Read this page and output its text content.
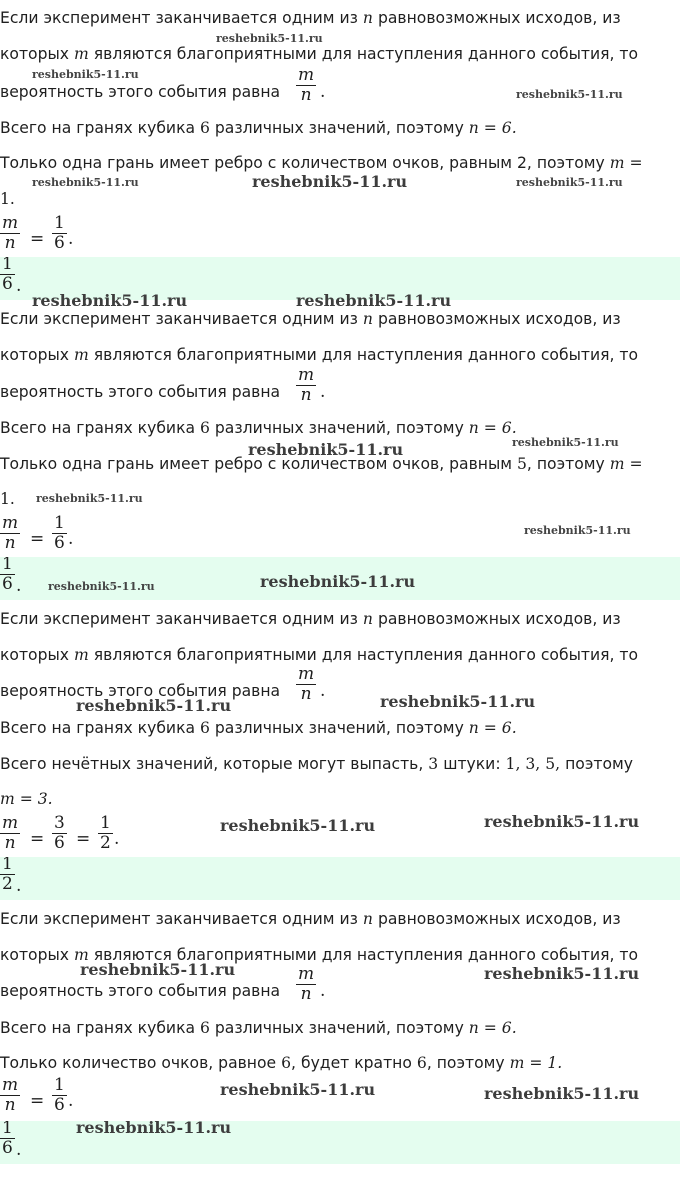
Если эксперимент заканчивается одним из n равновозможных исходов, из
которых m являются благоприятными для наступления данного события, то
вероятность этого события равна
m
n .
Всего на гранях кубика 6 различных значений, поэтому n = 6.
Только одна грань имеет ребро с количеством очков, равным 2, поэтому m =
1.
m
n =
1
6 .
1
6 .
Если эксперимент заканчивается одним из n равновозможных исходов, из
которых m являются благоприятными для наступления данного события, то
вероятность этого события равна
m
n .
Всего на гранях кубика 6 различных значений, поэтому n = 6.
Только одна грань имеет ребро с количеством очков, равным 5, поэтому m =
1.
m
n =
1
6 .
1
6 .
Если эксперимент заканчивается одним из n равновозможных исходов, из
которых m являются благоприятными для наступления данного события, то
вероятность этого события равна
m
n .
Всего на гранях кубика 6 различных значений, поэтому n = 6.
Всего нечётных значений, которые могут выпасть, 3 штуки: 1, 3, 5, поэтому
m = 3.
m
n =
3
6 =
1
2 .
1
2 .
Если эксперимент заканчивается одним из n равновозможных исходов, из
которых m являются благоприятными для наступления данного события, то
вероятность этого события равна
m
n .
Всего на гранях кубика 6 различных значений, поэтому n = 6.
Только количество очков, равное 6, будет кратно 6, поэтому m = 1.
m
n =
1
6 .
1
6 .
reshebnik5-11.ru
reshebnik5-11.ru
reshebnik5-11.ru
reshebnik5-11.ru	reshebnik5-11.ru	reshebnik5-11.ru
reshebnik5-11.ru	reshebnik5-11.ru
reshebnik5-11.ru	reshebnik5-11.ru
reshebnik5-11.ru
reshebnik5-11.ru
reshebnik5-11.ru	reshebnik5-11.ru
reshebnik5-11.ru	reshebnik5-11.ru
reshebnik5-11.ru	reshebnik5-11.ru
reshebnik5-11.ru	reshebnik5-11.ru
reshebnik5-11.ru	reshebnik5-11.ru
reshebnik5-11.ru
